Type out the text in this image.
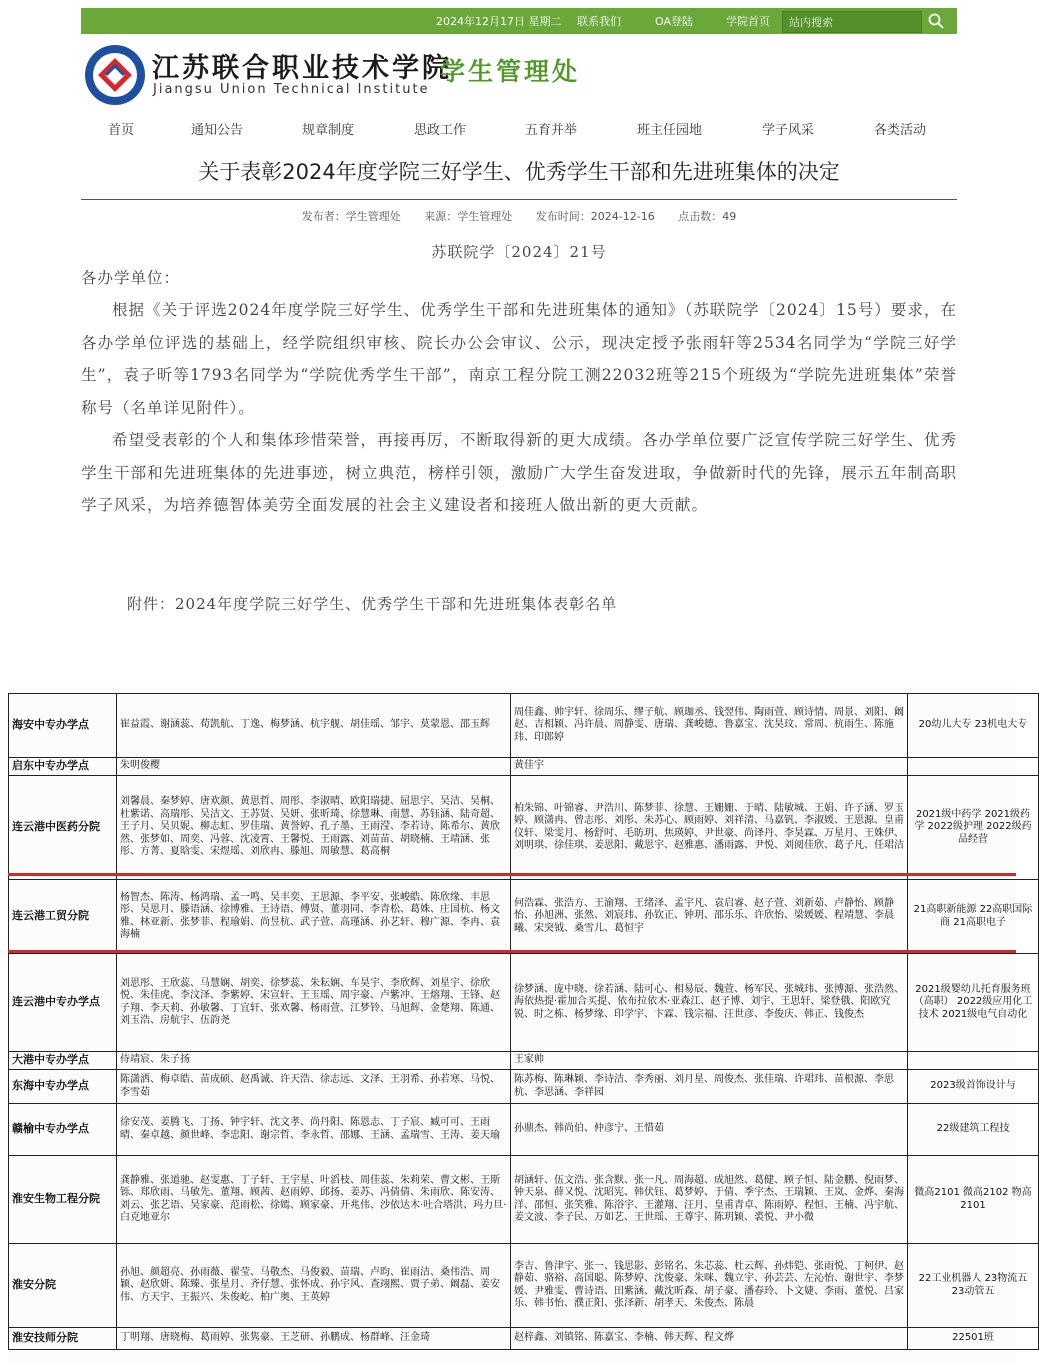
2024年12月17日 星期二 联系我们	OA登陆	学院首页 站内搜索
江苏联合职业技术学院
Jiangsu Union Technical Institute
学生管理处
首页	通知公告	规章制度	思政工作	五育并举	班主任园地	学子风采	各类活动
关于表彰2024年度学院三好学生、优秀学生干部和先进班集体的决定
发布者：学生管理处 来源：学生管理处 发布时间：2024-12-16 点击数：49
苏联院学〔2024〕21号
各办学单位：
根据《关于评选2024年度学院三好学生、优秀学生干部和先进班集体的通知》（苏联院学〔2024〕15号）要求，在各办学单位评选的基础上，经学院组织审核、院长办公会审议、公示，现决定授予张雨轩等2534名同学为“学院三好学生”，袁子昕等1793名同学为“学院优秀学生干部”，南京工程分院工测22032班等215个班级为“学院先进班集体”荣誉称号（名单详见附件）。
希望受表彰的个人和集体珍惜荣誉，再接再厉，不断取得新的更大成绩。各办学单位要广泛宣传学院三好学生、优秀学生干部和先进班集体的先进事迹，树立典范，榜样引领，激励广大学生奋发进取，争做新时代的先锋，展示五年制高职学子风采，为培养德智体美劳全面发展的社会主义建设者和接班人做出新的更大贡献。
附件：2024年度学院三好学生、优秀学生干部和先进班集体表彰名单
海安中专办学点	崔益霞、谢涵蕊、荀凯航、丁逸、梅梦涵、杭宇舰、胡佳瑶、邹宇、莫蒙恩、邵玉辉	周佳鑫、帅宇轩、徐周乐、缪子航、顾珈丞、钱翌伟、陶雨萱、顾诗情、周景、刘阳、阚赵、吉相颖、冯许晨、周静雯、唐瑞、龚峻德、鲁嘉宝、沈昊玟、常周、杭雨生、陈施玮、印郎婷	20幼儿大专 23机电大专
启东中专办学点	朱明俊樱	黄佳宇	
连云港中医药分院	刘馨晨、秦梦婷、唐欢颜、黄思哲、周彤、李淑晴、欧阳瑞捷、屈思宇、吴洁、吴桐、杜紫诺、高瑞彤、吴洁文、王苏贤、吴妍、张昕琦、徐慧琳、南慧、苏钰涵、陆奇超、王子月、吴贝妮、柳志虹、罗佳瑞、黄誉婷、孔子墨、王雨滢、李若诗、陈希尔、黄欣然、张梦如、周奕、冯蓉、沈凌霄、王馨悦、王雨露、刘苗苗、胡晓楠、王靖涵、张彤、方菁、夏晗雯、宋煜瑶、刘欣冉、滕旭、周敏慧、葛高桐	柏朱锦、叶锦睿、尹浩川、陈梦菲、徐慧、王姗姗、于晴、陆敏城、王娟、许子涵、罗玉婷、顾潇冉、曾志彤、刘彤、朱苏心、顾雨婷、刘祥清、马嘉钒、李淑媛、王思源、皇甫仪轩、梁雯月、杨舒吋、毛昉玥、焦瑛婷、尹世豪、尚译丹、李昊霖、万星月、王姝伊、刘明琪、徐佳琪、姜思阳、戴思宇、赵雅惠、潘雨露、尹悦、刘阅佳欣、葛子凡、任珺洁	2021级中药学 2021级药学 2022级护理 2022级药品经营
连云港工贸分院	杨智杰、陈涛、杨鸿瑞、孟一鸣、吴丰奕、王思源、李平安、张峻皓、陈欣缘、丰思彤、吴思月、滕语涵、徐博雅、王诗语、傅贤、董羽同、李青松、葛姝、庄国杭、杨文雅、林亚新、张梦菲、程瑜娟、尚昱杭、武子萱、高瑾涵、孙艺轩、穆广源、李冉、袁海楠	何浩霖、张浩方、王渝翔、王绪泽、孟宇凡、袁启睿、赵子萱、刘新茹、卢静怡、顾静怡、孙旭洲、张然、刘宸玮、孙钦正、钟玥、邵乐乐、许欣怡、梁媛媛、程靖慧、李晨曦、宋突钺、桑雪儿、葛恒宇	21高职新能源 22高职国际商 21高职电子
连云港中专办学点	刘思彤、王欣蕊、马慧娴、胡奕、徐梦蕊、朱耘娴、车昊宇、李欣辉、刘星宇、徐欣悦、朱佳虎、李汶泽、李紫婷、宋宣轩、王玉瑶、周宇豪、卢紫冲、王熔翔、王锋、赵子翔、李天莉、孙敏馨、丁宜轩、张欢馨、杨雨萱、江梦铃、马旭辉、金楚翔、陈通、刘玉浩、房航宇、伍韵尧	徐梦涵、庞中晓、徐若涵、陆可心、相易辰、魏萱、杨军民、张城玮、张博源、张浩然、海依热提·霍加合买提、依布拉依木·亚森江、赵子博、刘宇、王思轩、梁登俄、阳欧究锐、时之栋、杨梦缘、印学宇、卞霖、钱宗福、汪世彦、李俊庆、韩正、钱俊杰	2021级婴幼儿托育服务班（高职） 2022级应用化工技术 2021级电气自动化
大港中专办学点	侍靖宸、朱子扬	王家帅	
东海中专办学点	陈潇洒、梅卓皓、苗成硕、赵禹诚、许天浩、徐志远、文泽、王羽希、孙若寒、马悦、李雪茹	陈苏梅、陈琳颖、李诗洁、李秀丽、刘月星、周俊杰、张佳瑞、许珺玮、苗根源、李思杭、李思涵、李祥园	2023级首饰设计与
赣榆中专办学点	徐安茂、姜腾飞、丁扬、钟宇轩、沈文孝、尚丹阳、陈恩志、丁子宸、臧可可、王雨晴、秦卓越、颜世峰、李忠阳、谢宗哲、李永哲、邵娜、王涵、孟瑞雪、王涛、姜天瑜	孙鼎杰、韩尚伯、仲彦宁、王惜茹	22级建筑工程技
淮安生物工程分院	龚静雅、张道驰、赵雯惠、丁子轩、王宇星、叶滔枝、周佳蕊、朱莉荣、曹文彬、王斯铄、郑欣雨、马敏先、董翔、顾茜、赵雨婷、邱扬、姜苏、冯倩倩、朱雨欣、陈安涛、刘云、张艺语、吴家豪、范雨松、徐嫣、顾家豪、开兆伟、沙依达木·吐合塔洪、玛力旦·白克地亚尔	胡涵轩、伍文浩、张含默、张一凡、周海超、成旭然、葛健、顾子恒、陆金鹏、倪雨梦、钟天泉、薛又悦、沈昭宪、韩伏钰、葛梦婷、于倩、季宇杰、王瑞颖、王岚、金烨、秦海洋、邵恒、张笑雅、陈浴宇、王灌翔、汪月、皇甫青卓、陈雨婷、程恒、王楠、冯宇航、姜文波、李子民、万如艺、王世瑶、王尊宇、陈玥颖、裘悦、尹小微	微高2101 微高2102 物高2101
淮安分院	孙旭、颜超亮、孙雨薇、翟莹、马敬杰、马俊毅、苗瑞、卢昀、崔雨洁、桑伟浩、周颖、赵欣妍、陈臻、张星月、齐仔慧、张怀成、孙宇风、查翊熙、贾子弟、阚磊、姜安伟、方天宇、王振兴、朱俊屹、柏广奥、王英婷	李吉、鲁津宇、张一、钱思影、彭铭名、朱芯蕊、杜云辉、孙炜铠、张雨悦、丁柯伊、赵静茹、骆裕、高国聪、陈梦婷、沈俊豪、朱咪、魏立宇、孙芸芸、左沁怡、谢世宇、李梦媛、尹雅雯、曹诗语、田紫涵、戴沈昕森、胡子豪、潘春玲、卜文婕、李雨、董悦、吕家乐、韩书怡、濮正阳、张泽新、胡孝天、朱俊杰、陈晨	22工业机器人 23物流五 23动管五
淮安技师分院	丁明翔、唐晓梅、葛雨婷、张隽豪、王芝研、孙鹏成、杨群峰、汪金琦	赵梓鑫、刘镇铭、陈嘉宝、李楠、韩天辉、程文烨	22501班
